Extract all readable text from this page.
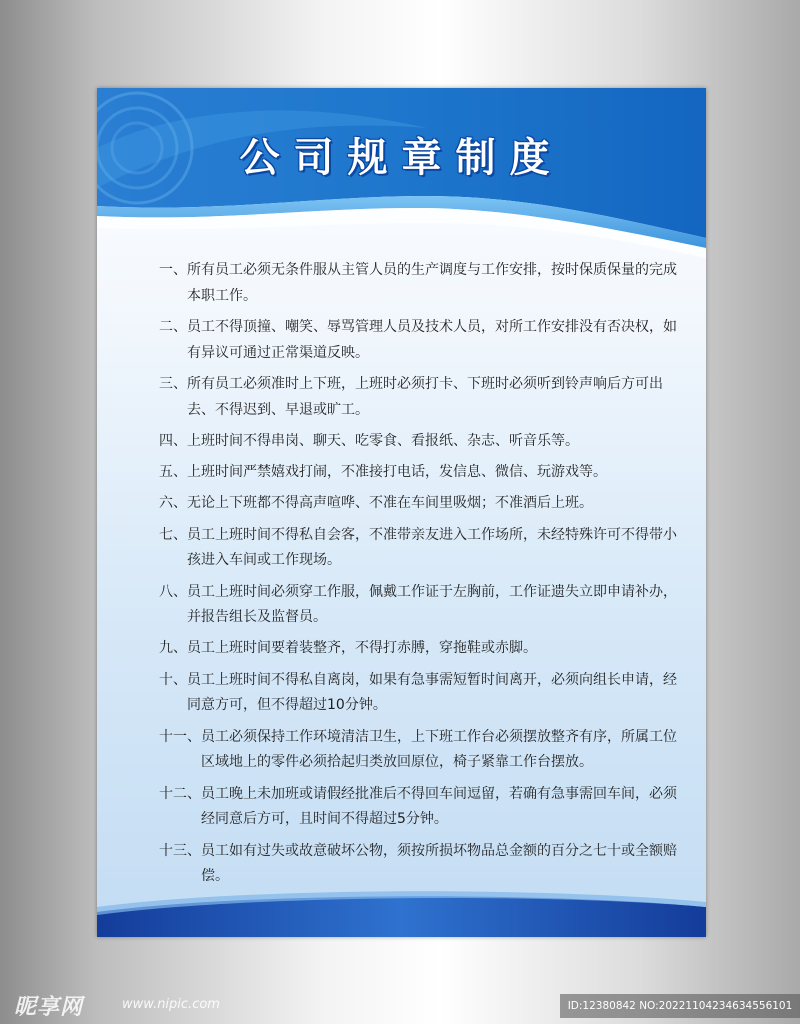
公司规章制度
一、 所有员工必须无条件服从主管人员的生产调度与工作安排，按时保质保量的完成本职工作。
二、 员工不得顶撞、嘲笑、辱骂管理人员及技术人员，对所工作安排没有否决权，如有异议可通过正常渠道反映。
三、 所有员工必须准时上下班，上班时必须打卡、下班时必须听到铃声响后方可出去、不得迟到、早退或旷工。
四、 上班时间不得串岗、聊天、吃零食、看报纸、杂志、听音乐等。
五、 上班时间严禁嬉戏打闹，不准接打电话，发信息、微信、玩游戏等。
六、 无论上下班都不得高声喧哗、不准在车间里吸烟；不准酒后上班。
七、 员工上班时间不得私自会客，不准带亲友进入工作场所，未经特殊许可不得带小孩进入车间或工作现场。
八、 员工上班时间必须穿工作服，佩戴工作证于左胸前，工作证遗失立即申请补办，并报告组长及监督员。
九、 员工上班时间要着装整齐，不得打赤膊，穿拖鞋或赤脚。
十、 员工上班时间不得私自离岗，如果有急事需短暂时间离开，必须向组长申请，经同意方可，但不得超过10分钟。
十一、 员工必须保持工作环境清洁卫生，上下班工作台必须摆放整齐有序，所属工位区域地上的零件必须拾起归类放回原位，椅子紧靠工作台摆放。
十二、 员工晚上未加班或请假经批准后不得回车间逗留，若确有急事需回车间，必须经同意后方可，且时间不得超过5分钟。
十三、 员工如有过失或故意破坏公物，须按所损坏物品总金额的百分之七十或全额赔偿。
昵享网	www.nipic.com	ID:12380842 NO:20221104234634556101
